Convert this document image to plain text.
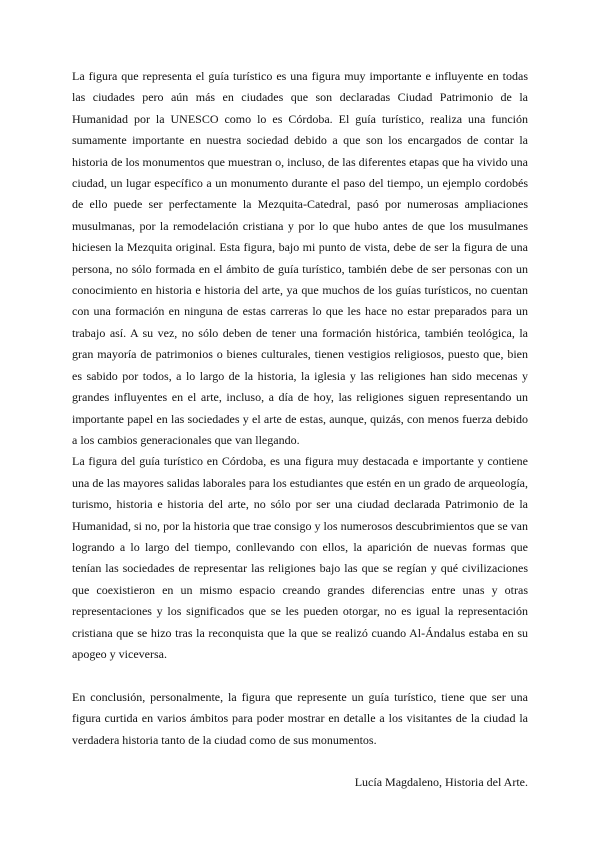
La figura que representa el guía turístico es una figura muy importante e influyente en todas las ciudades pero aún más en ciudades que son declaradas Ciudad Patrimonio de la Humanidad por la UNESCO como lo es Córdoba. El guía turístico, realiza una función sumamente importante en nuestra sociedad debido a que son los encargados de contar la historia de los monumentos que muestran o, incluso, de las diferentes etapas que ha vivido una ciudad, un lugar específico a un monumento durante el paso del tiempo, un ejemplo cordobés de ello puede ser perfectamente la Mezquita-Catedral, pasó por numerosas ampliaciones musulmanas, por la remodelación cristiana y por lo que hubo antes de que los musulmanes hiciesen la Mezquita original. Esta figura, bajo mi punto de vista, debe de ser la figura de una persona, no sólo formada en el ámbito de guía turístico, también debe de ser personas con un conocimiento en historia e historia del arte, ya que muchos de los guías turísticos, no cuentan con una formación en ninguna de estas carreras lo que les hace no estar preparados para un trabajo así. A su vez, no sólo deben de tener una formación histórica, también teológica, la gran mayoría de patrimonios o bienes culturales, tienen vestigios religiosos, puesto que, bien es sabido por todos, a lo largo de la historia, la iglesia y las religiones han sido mecenas y grandes influyentes en el arte, incluso, a día de hoy, las religiones siguen representando un importante papel en las sociedades y el arte de estas, aunque, quizás, con menos fuerza debido a los cambios generacionales que van llegando.

La figura del guía turístico en Córdoba, es una figura muy destacada e importante y contiene una de las mayores salidas laborales para los estudiantes que estén en un grado de arqueología, turismo, historia e historia del arte, no sólo por ser una ciudad declarada Patrimonio de la Humanidad, si no, por la historia que trae consigo y los numerosos descubrimientos que se van logrando a lo largo del tiempo, conllevando con ellos, la aparición de nuevas formas que tenían las sociedades de representar las religiones bajo las que se regían y qué civilizaciones que coexistieron en un mismo espacio creando grandes diferencias entre unas y otras representaciones y los significados que se les pueden otorgar, no es igual la representación cristiana que se hizo tras la reconquista que la que se realizó cuando Al-Ándalus estaba en su apogeo y viceversa.

En conclusión, personalmente, la figura que represente un guía turístico, tiene que ser una figura curtida en varios ámbitos para poder mostrar en detalle a los visitantes de la ciudad la verdadera historia tanto de la ciudad como de sus monumentos.

Lucía Magdaleno, Historia del Arte.
